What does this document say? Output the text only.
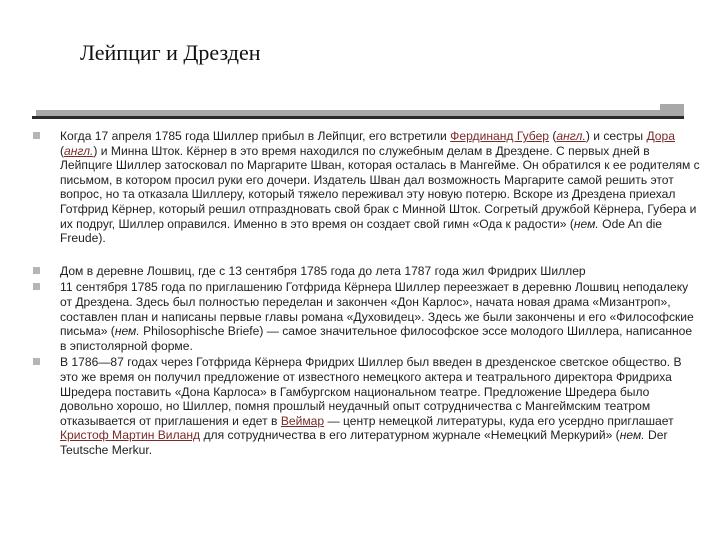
Лейпциг и Дрезден

Когда 17 апреля 1785 года Шиллер прибыл в Лейпциг, его встретили Фердинанд Губер (англ.) и сестры Дора (англ.) и Минна Шток. Кёрнер в это время находился по служебным делам в Дрездене. С первых дней в Лейпциге Шиллер затосковал по Маргарите Шван, которая осталась в Мангейме. Он обратился к ее родителям с письмом, в котором просил руки его дочери. Издатель Шван дал возможность Маргарите самой решить этот вопрос, но та отказала Шиллеру, который тяжело переживал эту новую потерю. Вскоре из Дрездена приехал Готфрид Кёрнер, который решил отпраздновать свой брак с Минной Шток. Согретый дружбой Кёрнера, Губера и их подруг, Шиллер оправился. Именно в это время он создает свой гимн «Ода к радости» (нем. Ode An die Freude).

Дом в деревне Лошвиц, где с 13 сентября 1785 года до лета 1787 года жил Фридрих Шиллер

11 сентября 1785 года по приглашению Готфрида Кёрнера Шиллер переезжает в деревню Лошвиц неподалеку от Дрездена. Здесь был полностью переделан и закончен «Дон Карлос», начата новая драма «Мизантроп», составлен план и написаны первые главы романа «Духовидец». Здесь же были закончены и его «Философские письма» (нем. Philosophische Briefe) — самое значительное философское эссе молодого Шиллера, написанное в эпистолярной форме.

В 1786—87 годах через Готфрида Кёрнера Фридрих Шиллер был введен в дрезденское светское общество. В это же время он получил предложение от известного немецкого актера и театрального директора Фридриха Шредера поставить «Дона Карлоса» в Гамбургском национальном театре. Предложение Шредера было довольно хорошо, но Шиллер, помня прошлый неудачный опыт сотрудничества с Мангеймским театром отказывается от приглашения и едет в Веймар — центр немецкой литературы, куда его усердно приглашает Кристоф Мартин Виланд для сотрудничества в его литературном журнале «Немецкий Меркурий» (нем. Der Teutsche Merkur.
